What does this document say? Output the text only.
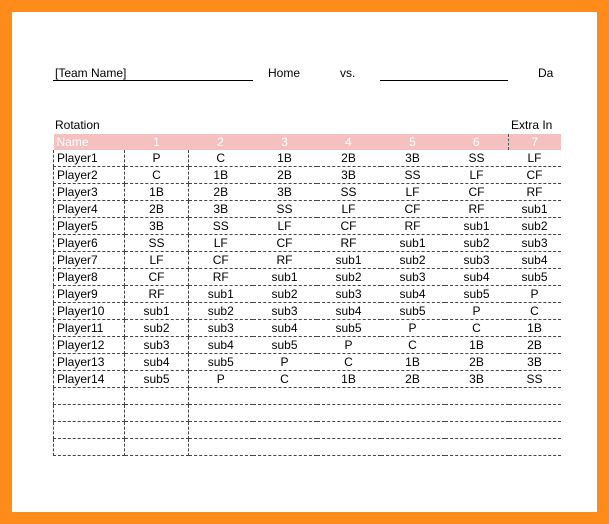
[Team Name]	Home	vs.	Da
Rotation	Extra In
Name	1	2	3	4	5	6	7
Player1	P	C	1B	2B	3B	SS	LF
Player2	C	1B	2B	3B	SS	LF	CF
Player3	1B	2B	3B	SS	LF	CF	RF
Player4	2B	3B	SS	LF	CF	RF	sub1
Player5	3B	SS	LF	CF	RF	sub1	sub2
Player6	SS	LF	CF	RF	sub1	sub2	sub3
Player7	LF	CF	RF	sub1	sub2	sub3	sub4
Player8	CF	RF	sub1	sub2	sub3	sub4	sub5
Player9	RF	sub1	sub2	sub3	sub4	sub5	P
Player10	sub1	sub2	sub3	sub4	sub5	P	C
Player11	sub2	sub3	sub4	sub5	P	C	1B
Player12	sub3	sub4	sub5	P	C	1B	2B
Player13	sub4	sub5	P	C	1B	2B	3B
Player14	sub5	P	C	1B	2B	3B	SS
